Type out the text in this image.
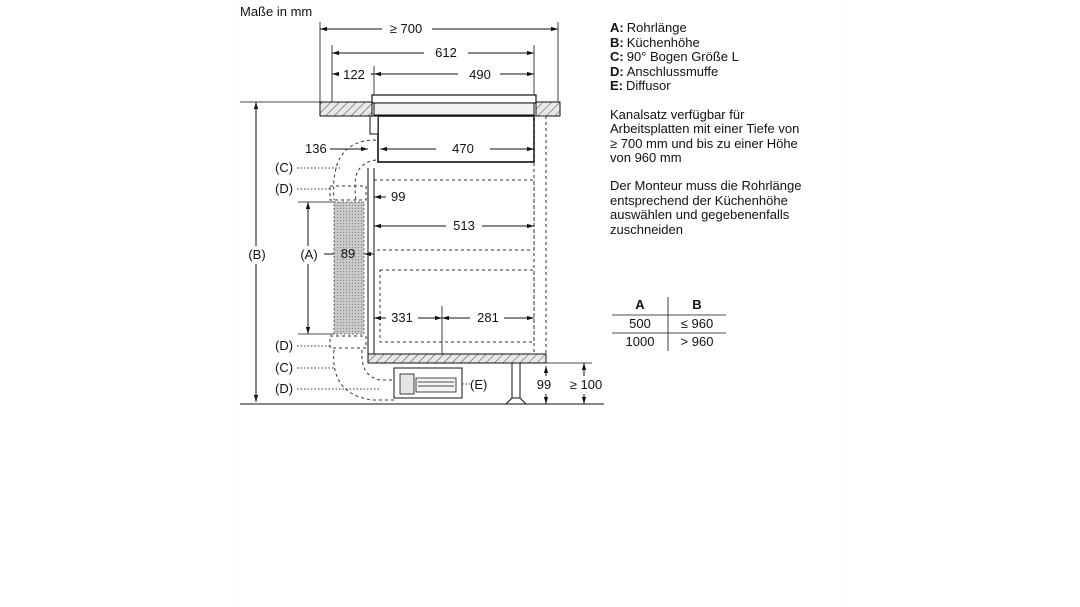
Maße in mm
≥ 700
612
122	490
470
136
99
513
89
(A)
(B)
(C)
(D)
(D)
(C)
(D)
331	281
(E)	99 ≥ 100
A: Rohrlänge
B: Küchenhöhe
C: 90° Bogen Größe L
D: Anschlussmuffe
E: Diffusor
Kanalsatz verfügbar für
Arbeitsplatten mit einer Tiefe von
≥ 700 mm und bis zu einer Höhe
von 960 mm
Der Monteur muss die Rohrlänge
entsprechend der Küchenhöhe
auswählen und gegebenenfalls
zuschneiden
A	B
500 ≤ 960
1000 > 960
